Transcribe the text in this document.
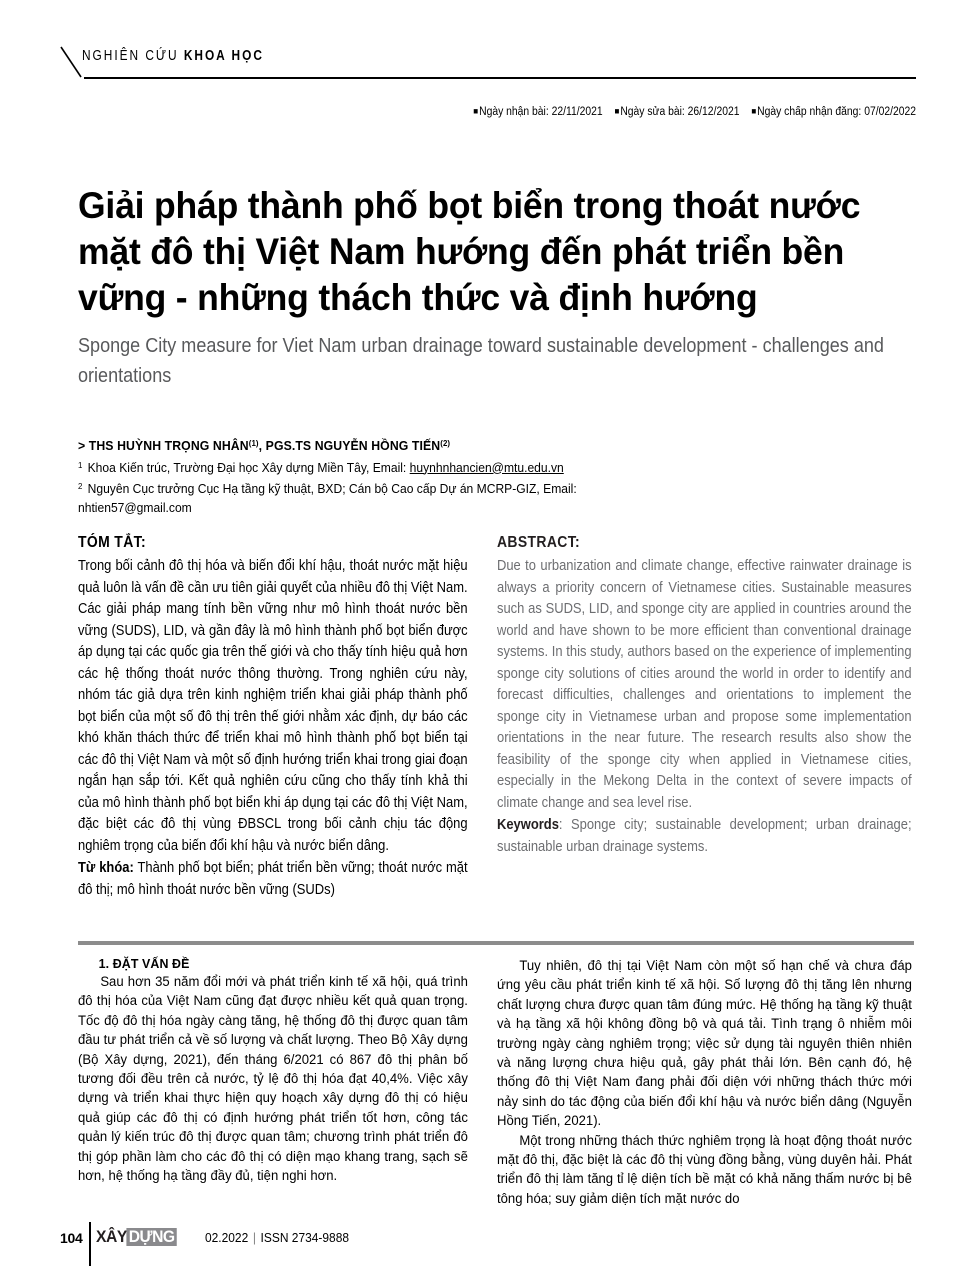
NGHIÊN CỨU KHOA HỌC
■Ngày nhận bài: 22/11/2021 ■Ngày sửa bài: 26/12/2021 ■Ngày chấp nhận đăng: 07/02/2022
Giải pháp thành phố bọt biển trong thoát nước mặt đô thị Việt Nam hướng đến phát triển bền vững - những thách thức và định hướng
Sponge City measure for Viet Nam urban drainage toward sustainable development - challenges and orientations
> THS HUỲNH TRỌNG NHÂN$^{(1)}$, PGS.TS NGUYỄN HỒNG TIẾN$^{(2)}$
$^1$ Khoa Kiến trúc, Trường Đại học Xây dựng Miền Tây, Email: huynhnhancien@mtu.edu.vn
$^2$ Nguyên Cục trưởng Cục Hạ tầng kỹ thuật, BXD; Cán bộ Cao cấp Dự án MCRP-GIZ, Email: nhtien57@gmail.com
TÓM TẮT:

Trong bối cảnh đô thị hóa và biến đổi khí hậu, thoát nước mặt hiệu quả luôn là vấn đề cần ưu tiên giải quyết của nhiều đô thị Việt Nam. Các giải pháp mang tính bền vững như mô hình thoát nước bền vững (SUDS), LID, và gần đây là mô hình thành phố bọt biển được áp dụng tại các quốc gia trên thế giới và cho thấy tính hiệu quả hơn các hệ thống thoát nước thông thường. Trong nghiên cứu này, nhóm tác giả dựa trên kinh nghiệm triển khai giải pháp thành phố bọt biển của một số đô thị trên thế giới nhằm xác định, dự báo các khó khăn thách thức để triển khai mô hình thành phố bọt biển tại các đô thị Việt Nam và một số định hướng triển khai trong giai đoạn ngắn hạn sắp tới. Kết quả nghiên cứu cũng cho thấy tính khả thi của mô hình thành phố bọt biển khi áp dụng tại các đô thị Việt Nam, đặc biệt các đô thị vùng ĐBSCL trong bối cảnh chịu tác động nghiêm trọng của biến đổi khí hậu và nước biển dâng.

Từ khóa: Thành phố bọt biển; phát triển bền vững; thoát nước mặt đô thị; mô hình thoát nước bền vững (SUDs)

ABSTRACT:

Due to urbanization and climate change, effective rainwater drainage is always a priority concern of Vietnamese cities. Sustainable measures such as SUDS, LID, and sponge city are applied in countries around the world and have shown to be more efficient than conventional drainage systems. In this study, authors based on the experience of implementing sponge city solutions of cities around the world in order to identify and forecast difficulties, challenges and orientations to implement the sponge city in Vietnamese urban and propose some implementation orientations in the near future. The research results also show the feasibility of the sponge city when applied in Vietnamese cities, especially in the Mekong Delta in the context of severe impacts of climate change and sea level rise.

Keywords: Sponge city; sustainable development; urban drainage; sustainable urban drainage systems.

1. ĐẶT VẤN ĐỀ

Sau hơn 35 năm đổi mới và phát triển kinh tế xã hội, quá trình đô thị hóa của Việt Nam cũng đạt được nhiều kết quả quan trọng. Tốc độ đô thị hóa ngày càng tăng, hệ thống đô thị được quan tâm đầu tư phát triển cả về số lượng và chất lượng. Theo Bộ Xây dựng (Bộ Xây dựng, 2021), đến tháng 6/2021 có 867 đô thị phân bố tương đối đều trên cả nước, tỷ lệ đô thị hóa đạt 40,4%. Việc xây dựng và triển khai thực hiện quy hoạch xây dựng đô thị có hiệu quả giúp các đô thị có định hướng phát triển tốt hơn, công tác quản lý kiến trúc đô thị được quan tâm; chương trình phát triển đô thị góp phần làm cho các đô thị có diện mạo khang trang, sạch sẽ hơn, hệ thống hạ tầng đầy đủ, tiện nghi hơn.

Tuy nhiên, đô thị tại Việt Nam còn một số hạn chế và chưa đáp ứng yêu cầu phát triển kinh tế xã hội. Số lượng đô thị tăng lên nhưng chất lượng chưa được quan tâm đúng mức. Hệ thống hạ tầng kỹ thuật và hạ tầng xã hội không đồng bộ và quá tải. Tình trạng ô nhiễm môi trường ngày càng nghiêm trọng; việc sử dụng tài nguyên thiên nhiên và năng lượng chưa hiệu quả, gây phát thải lớn. Bên cạnh đó, hệ thống đô thị Việt Nam đang phải đối diện với những thách thức mới nảy sinh do tác động của biến đổi khí hậu và nước biển dâng (Nguyễn Hồng Tiến, 2021).

Một trong những thách thức nghiêm trọng là hoạt động thoát nước mặt đô thị, đặc biệt là các đô thị vùng đồng bằng, vùng duyên hải. Phát triển đô thị làm tăng tỉ lệ diện tích bề mặt có khả năng thấm nước bị bê tông hóa; suy giảm diện tích mặt nước do

104 XÂY DỰNG 02.2022 | ISSN 2734-9888
